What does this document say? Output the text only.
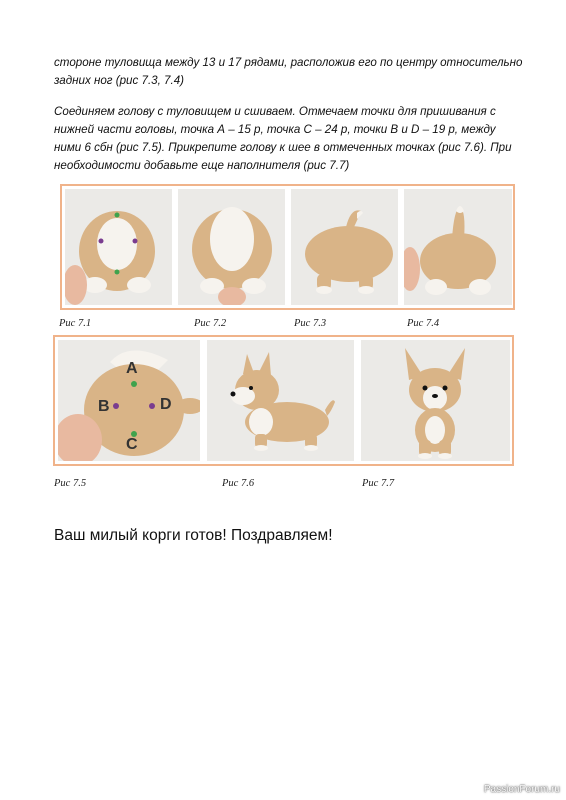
стороне туловища между 13 и 17 рядами, расположив его по центру относительно задних ног (рис 7.3, 7.4)

Соединяем голову с туловищем и сшиваем. Отмечаем точки для пришивания с нижней части головы, точка А – 15 р, точка С – 24 р, точки В и D – 19 р, между ними 6 сбн (рис 7.5). Прикрепите голову к шее в отмеченных точках (рис 7.6). При необходимости добавьте еще наполнителя (рис 7.7)

Рис 7.1	Рис 7.2	Рис 7.3	Рис 7.4
A
B
C
D
Рис 7.5	Рис 7.6	Рис 7.7
Ваш милый корги готов! Поздравляем!
PassionForum.ru
